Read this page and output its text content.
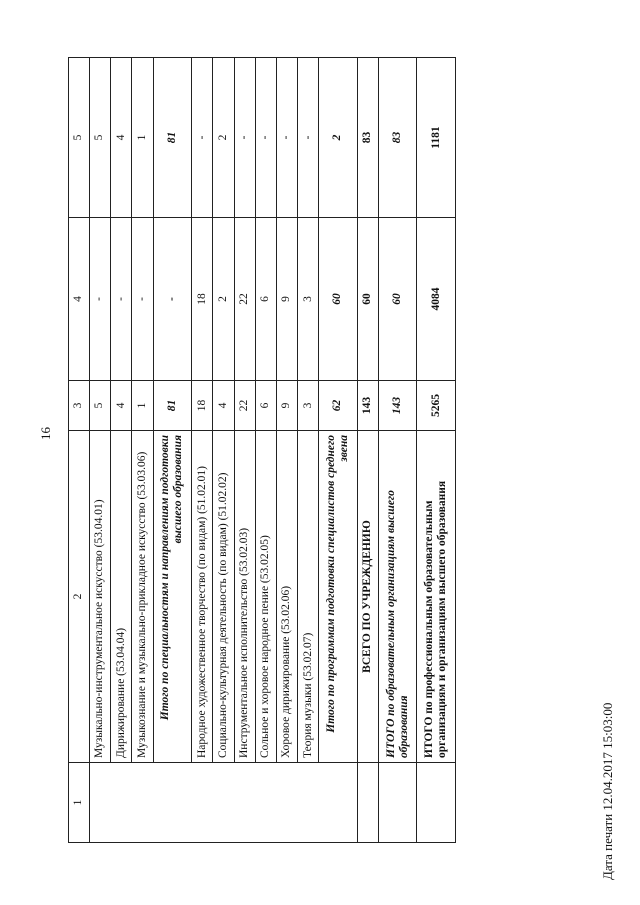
16
1	2	3	4	5
	Музыкально-инструментальное искусство (53.04.01)	5	-	5
	Дирижирование (53.04.04)	4	-	4
	Музыкознание и музыкально-прикладное искусство (53.03.06)	1	-	1
	Итого по специальностям и направлениям подготовки высшего образования	81	-	81
	Народное художественное творчество (по видам) (51.02.01)	18	18	-
	Социально-культурная деятельность (по видам) (51.02.02)	4	2	2
	Инструментальное исполнительство (53.02.03)	22	22	-
	Сольное и хоровое народное пение (53.02.05)	6	6	-
	Хоровое дирижирование (53.02.06)	9	9	-
	Теория музыки (53.02.07)	3	3	-
	Итого по программам подготовки специалистов среднего звена	62	60	2
	ВСЕГО ПО УЧРЕЖДЕНИЮ	143	60	83
	ИТОГО по образовательным организациям высшего образования	143	60	83
	ИТОГО по профессиональным образовательным организациям и организациям высшего образования	5265	4084	1181
Дата печати 12.04.2017 15:03:00
